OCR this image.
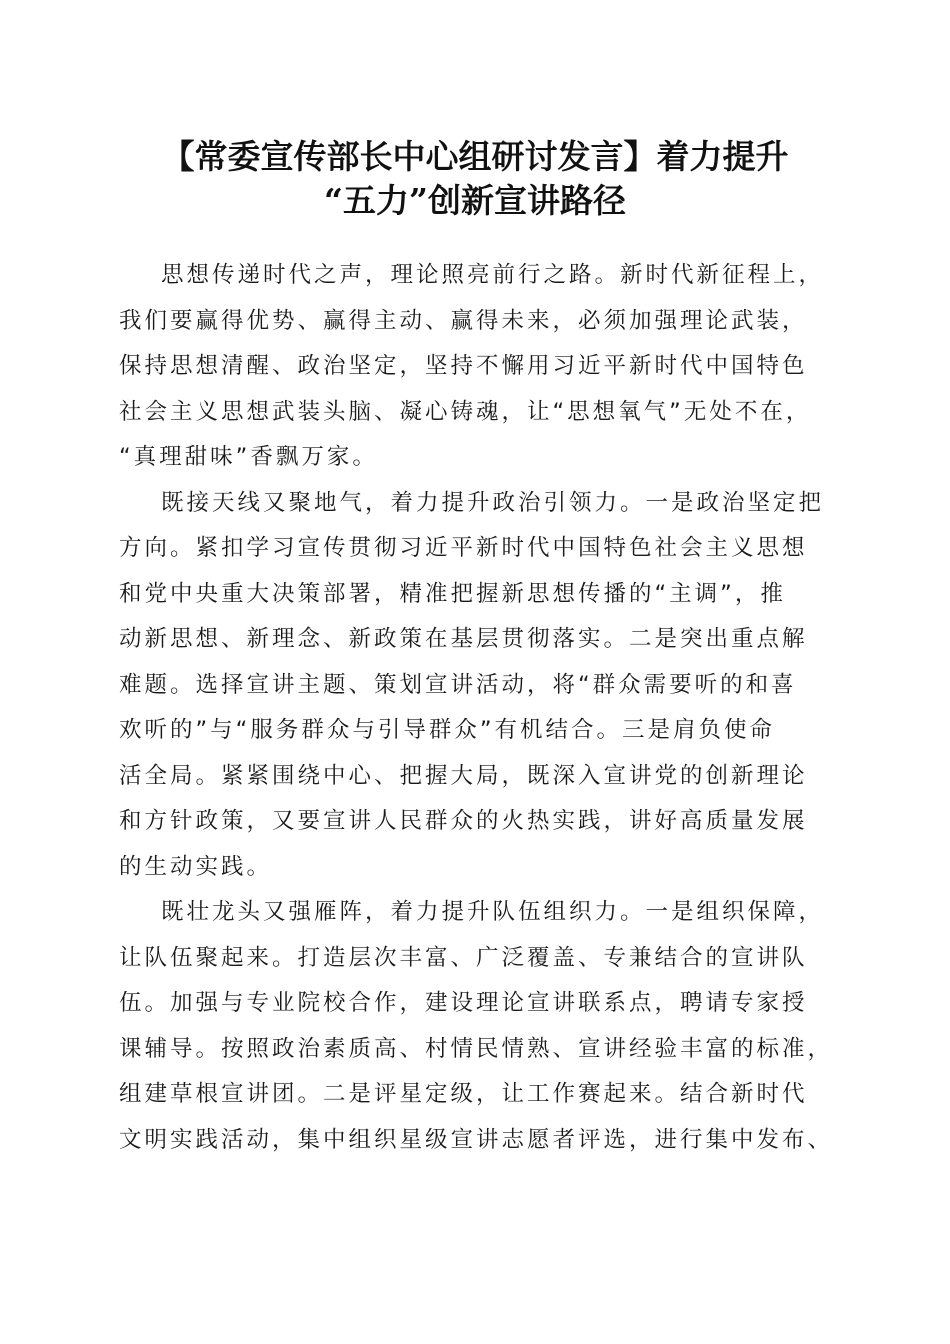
【常委宣传部长中心组研讨发言】着力提升
“五力”创新宣讲路径

思想传递时代之声，理论照亮前行之路。新时代新征程上，
我们要赢得优势、赢得主动、赢得未来，必须加强理论武装，
保持思想清醒、政治坚定，坚持不懈用习近平新时代中国特色
社会主义思想武装头脑、凝心铸魂，让“思想氧气”无处不在，
“真理甜味”香飘万家。

既接天线又聚地气，着力提升政治引领力。一是政治坚定把
方向。紧扣学习宣传贯彻习近平新时代中国特色社会主义思想
和党中央重大决策部署，精准把握新思想传播的“主调”，推
动新思想、新理念、新政策在基层贯彻落实。二是突出重点解
难题。选择宣讲主题、策划宣讲活动，将“群众需要听的和喜
欢听的”与“服务群众与引导群众”有机结合。三是肩负使命
活全局。紧紧围绕中心、把握大局，既深入宣讲党的创新理论
和方针政策，又要宣讲人民群众的火热实践，讲好高质量发展
的生动实践。

既壮龙头又强雁阵，着力提升队伍组织力。一是组织保障，
让队伍聚起来。打造层次丰富、广泛覆盖、专兼结合的宣讲队
伍。加强与专业院校合作，建设理论宣讲联系点，聘请专家授
课辅导。按照政治素质高、村情民情熟、宣讲经验丰富的标准，
组建草根宣讲团。二是评星定级，让工作赛起来。结合新时代
文明实践活动，集中组织星级宣讲志愿者评选，进行集中发布、
